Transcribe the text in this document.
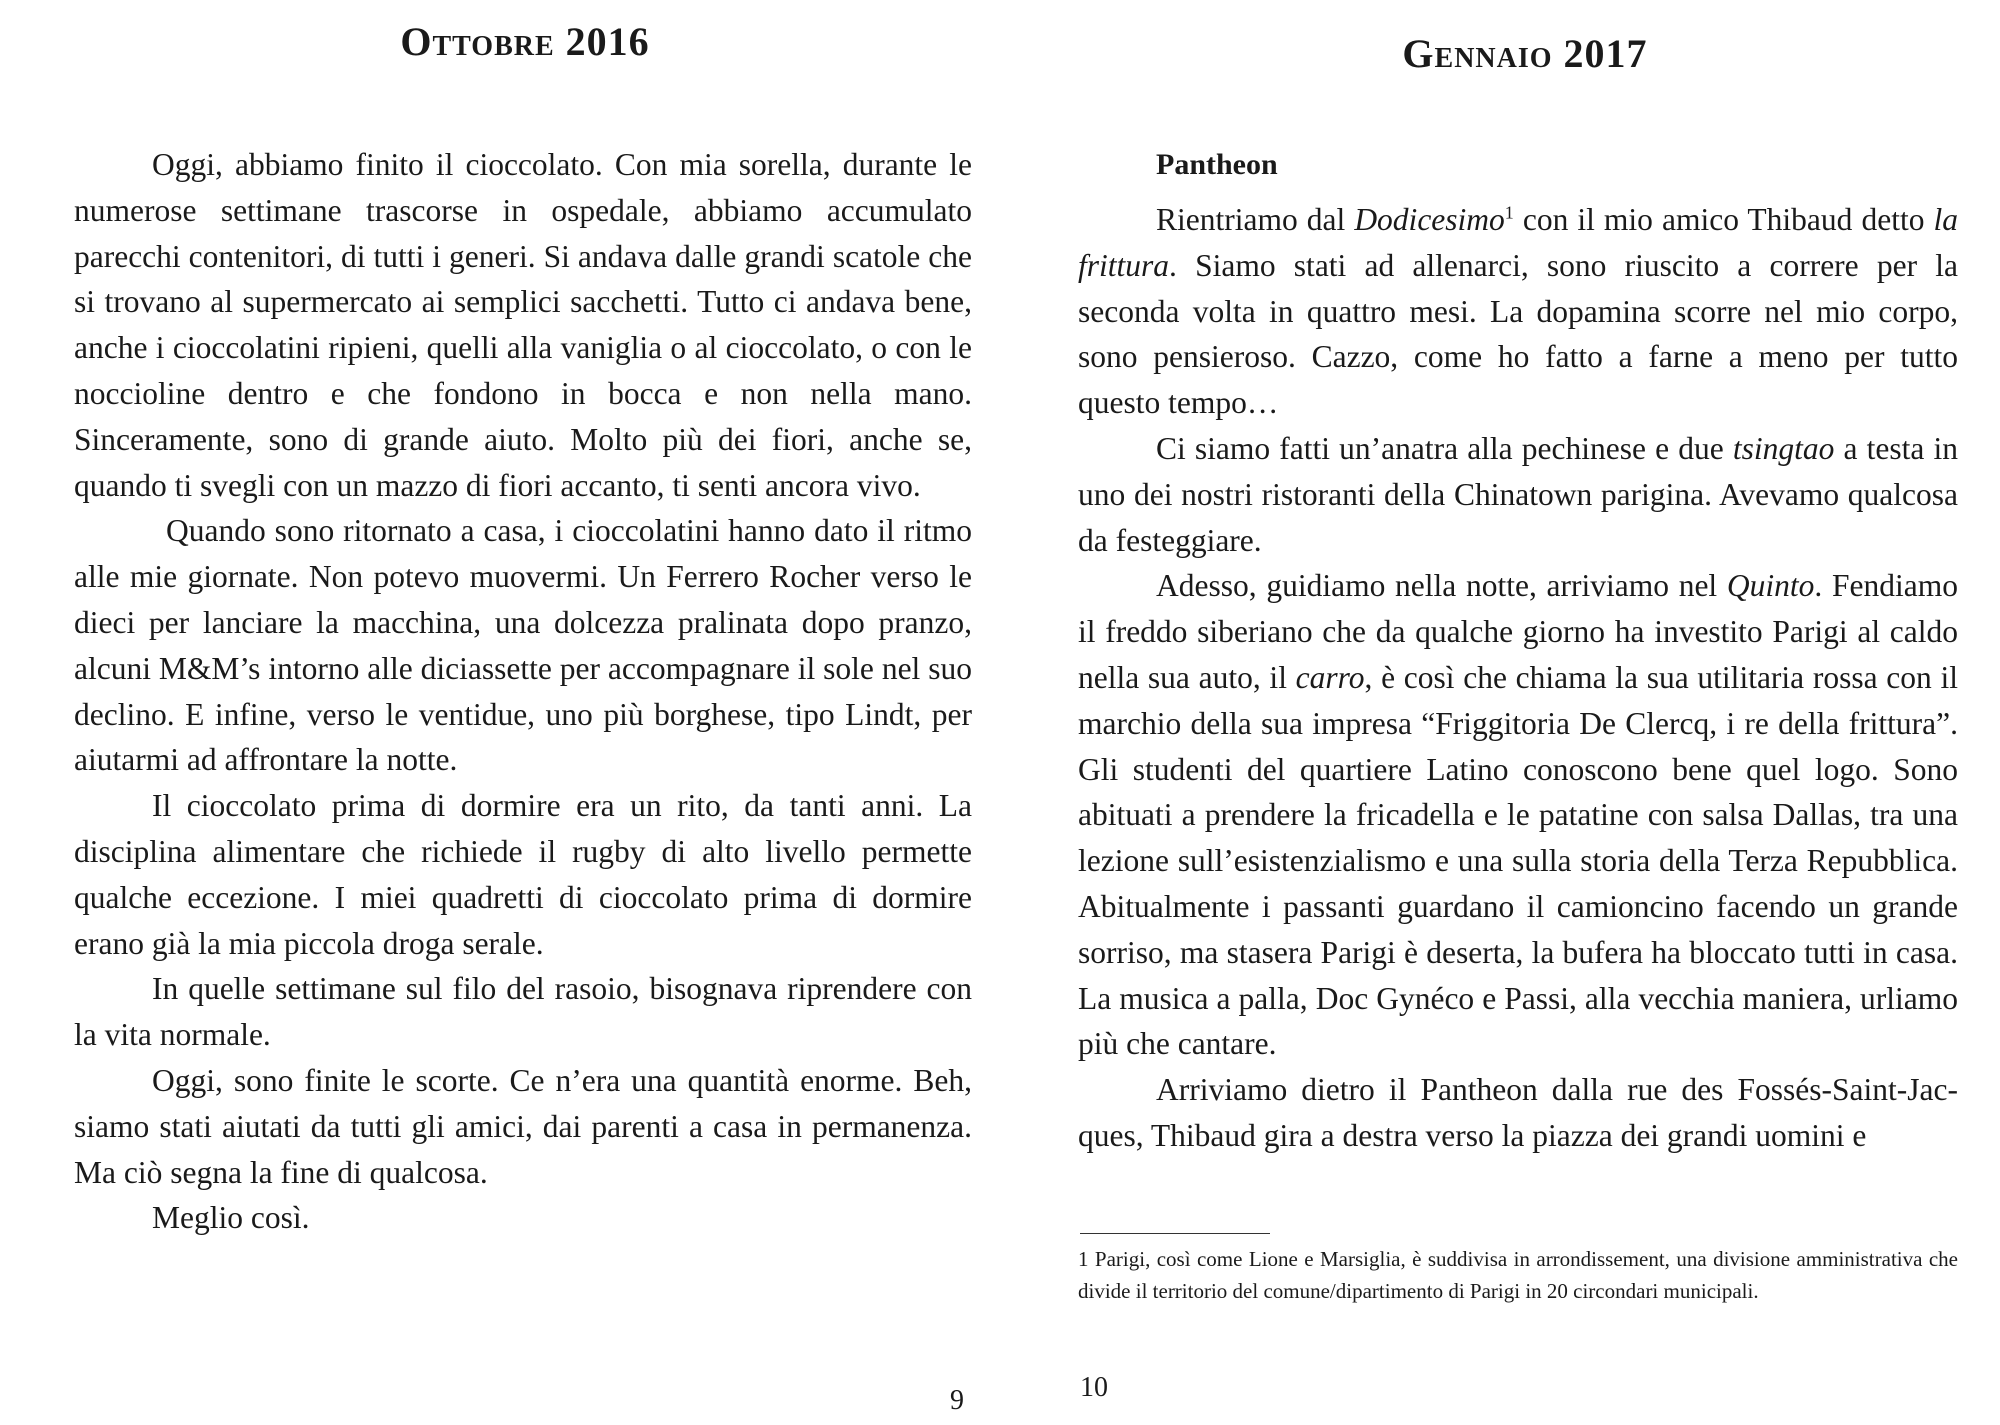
Ottobre 2016

Oggi, abbiamo finito il cioccolato. Con mia sorella, durante le numerose settimane trascorse in ospedale, abbiamo accumulato parecchi contenitori, di tutti i generi. Si andava dalle grandi scatole che si trovano al supermercato ai semplici sacchetti. Tutto ci andava bene, anche i cioccolatini ripieni, quelli alla vaniglia o al cioccolato, o con le noccioline dentro e che fondono in bocca e non nella mano. Sinceramente, sono di grande aiuto. Molto più dei fiori, anche se, quando ti svegli con un mazzo di fiori accanto, ti senti ancora vivo.

Quando sono ritornato a casa, i cioccolatini hanno dato il ritmo alle mie giornate. Non potevo muovermi. Un Ferrero Rocher verso le dieci per lanciare la macchina, una dolcezza pralinata dopo pranzo, alcuni M&M’s intorno alle diciassette per accompagnare il sole nel suo declino. E infine, verso le ventidue, uno più borghese, tipo Lindt, per aiutarmi ad affrontare la notte.

Il cioccolato prima di dormire era un rito, da tanti anni. La disciplina alimentare che richiede il rugby di alto livello permette qualche eccezione. I miei quadretti di cioccolato prima di dormire erano già la mia piccola droga serale.

In quelle settimane sul filo del rasoio, bisognava riprendere con la vita normale.

Oggi, sono finite le scorte. Ce n’era una quantità enorme. Beh, siamo stati aiutati da tutti gli amici, dai parenti a casa in permanenza. Ma ciò segna la fine di qualcosa.

Meglio così.

9

Gennaio 2017
Pantheon

Rientriamo dal Dodicesimo$^1$ con il mio amico Thibaud detto la frittura. Siamo stati ad allenarci, sono riuscito a correre per la seconda volta in quattro mesi. La dopamina scorre nel mio corpo, sono pensieroso. Cazzo, come ho fatto a farne a meno per tutto questo tempo…

Ci siamo fatti un’anatra alla pechinese e due tsingtao a testa in uno dei nostri ristoranti della Chinatown parigina. Avevamo qualcosa da festeggiare.

Adesso, guidiamo nella notte, arriviamo nel Quinto. Fendiamo il freddo siberiano che da qualche giorno ha investito Parigi al caldo nella sua auto, il carro, è così che chiama la sua utilitaria rossa con il marchio della sua impresa “Friggitoria De Clercq, i re della frittura”. Gli studenti del quartiere Latino conoscono bene quel logo. Sono abituati a prendere la fricadella e le patatine con salsa Dallas, tra una lezione sull’esistenzialismo e una sulla storia della Terza Repubblica. Abitualmente i passanti guardano il camioncino facendo un grande sorriso, ma stasera Parigi è deserta, la bufera ha bloccato tutti in casa. La musica a palla, Doc Gynéco e Passi, alla vecchia maniera, urliamo più che cantare.

Arriviamo dietro il Pantheon dalla rue des Fossés-Saint-Jacques, Thibaud gira a destra verso la piazza dei grandi uomini e

1 Parigi, così come Lione e Marsiglia, è suddivisa in arrondissement, una divisione amministrativa che divide il territorio del comune/dipartimento di Parigi in 20 circondari municipali.

10
